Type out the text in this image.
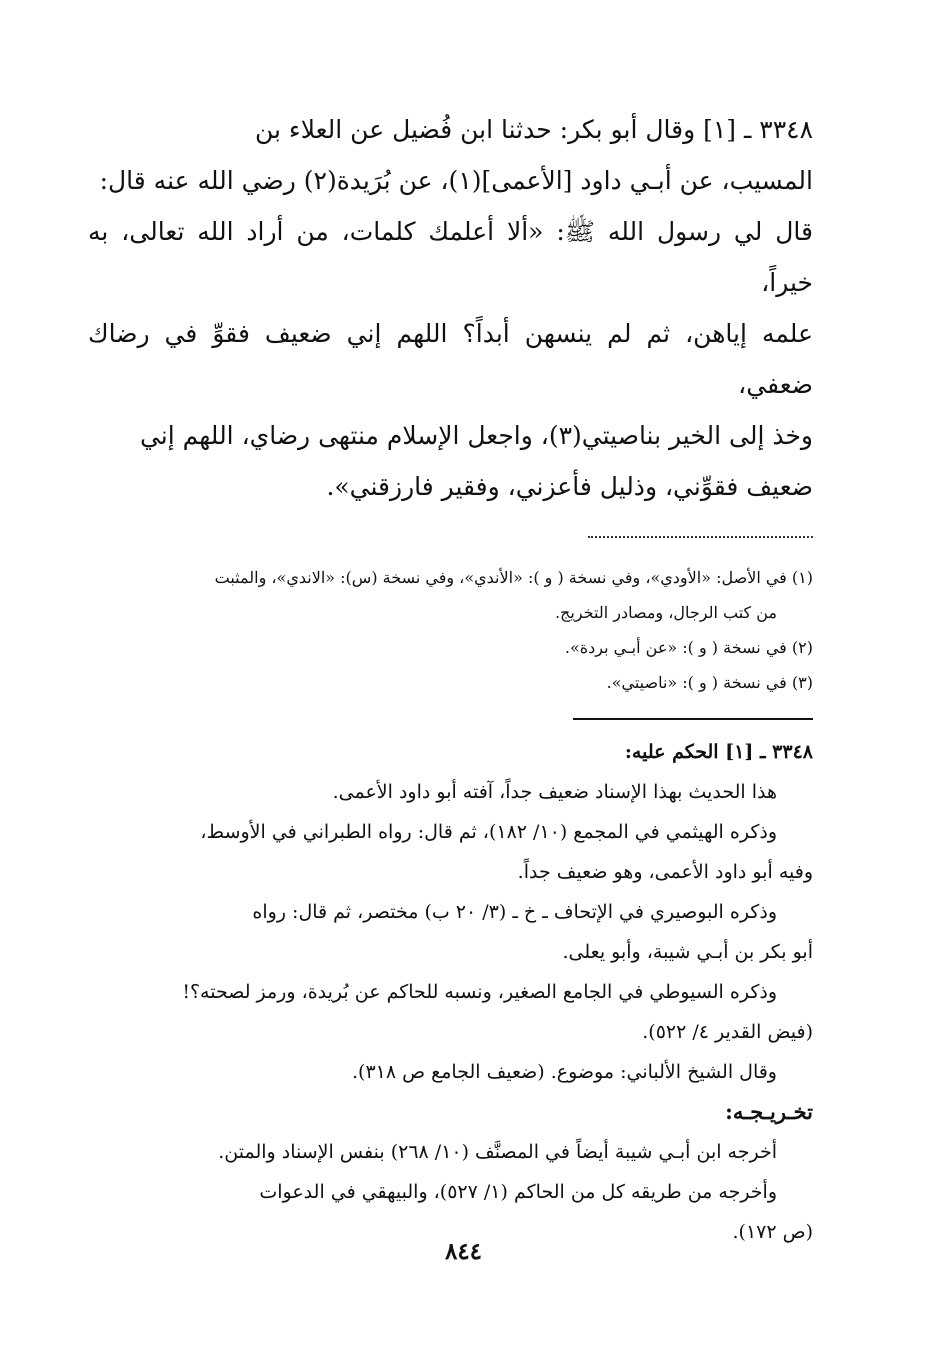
٣٣٤٨ ـ [١] وقال أبو بكر: حدثنا ابن فُضيل عن العلاء بن

المسيب، عن أبـي داود [الأعمى](١)، عن بُرَيدة(٢) رضي الله عنه قال:

قال لي رسول الله ﷺ: «ألا أعلمك كلمات، من أراد الله تعالى، به خيراً،

علمه إياهن، ثم لم ينسهن أبداً؟ اللهم إني ضعيف فقوِّ في رضاك ضعفي،

وخذ إلى الخير بناصيتي(٣)، واجعل الإسلام منتهى رضاي، اللهم إني

ضعيف فقوِّني، وذليل فأعزني، وفقير فارزقني».

(١) في الأصل: «الأودي»، وفي نسخة ( و ): «الأندي»، وفي نسخة (س): «الاندي»، والمثبت

من كتب الرجال، ومصادر التخريج.

(٢) في نسخة ( و ): «عن أبـي بردة».

(٣) في نسخة ( و ): «ناصيتي».

٣٣٤٨ ـ [١] الحكم عليه:

هذا الحديث بهذا الإسناد ضعيف جداً، آفته أبو داود الأعمى.

وذكره الهيثمي في المجمع (١٠/ ١٨٢)، ثم قال: رواه الطبراني في الأوسط،

وفيه أبو داود الأعمى، وهو ضعيف جداً.

وذكره البوصيري في الإتحاف ـ خ ـ (٣/ ٢٠ ب) مختصر، ثم قال: رواه

أبو بكر بن أبـي شيبة، وأبو يعلى.

وذكره السيوطي في الجامع الصغير، ونسبه للحاكم عن بُريدة، ورمز لصحته؟!

(فيض القدير ٤/ ٥٢٢).

وقال الشيخ الألباني: موضوع. (ضعيف الجامع ص ٣١٨).

تخـريـجـه:

أخرجه ابن أبـي شيبة أيضاً في المصنَّف (١٠/ ٢٦٨) بنفس الإسناد والمتن.

وأخرجه من طريقه كل من الحاكم (١/ ٥٢٧)، والبيهقي في الدعوات

(ص ١٧٢).

٨٤٤
